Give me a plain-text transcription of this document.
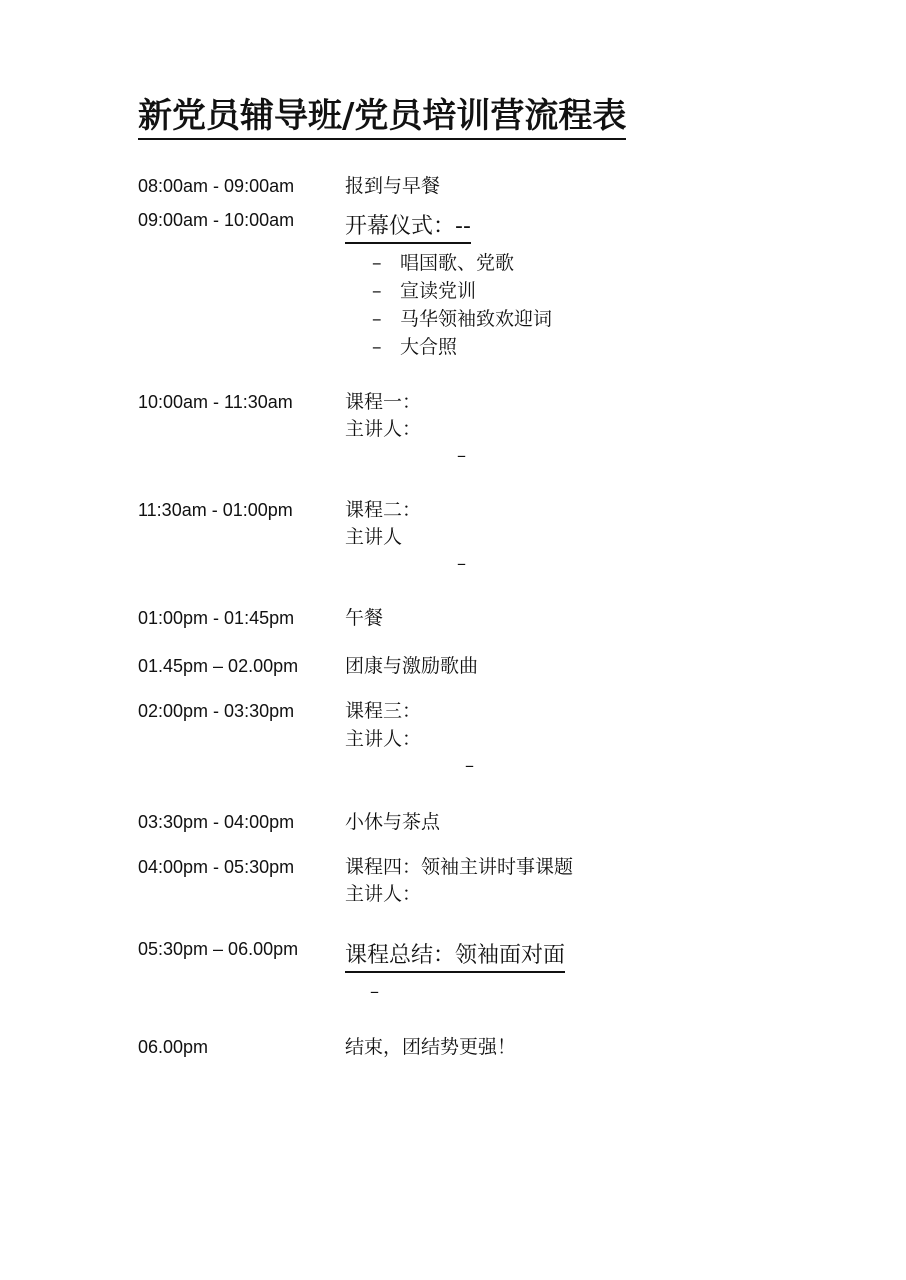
新党员辅导班/党员培训营流程表
08:00am - 09:00am	报到与早餐
09:00am - 10:00am 开幕仪式：--
– 唱国歌、党歌
– 宣读党训
– 马华领袖致欢迎词
– 大合照
10:00am - 11:30am	课程一：
主讲人：
–
11:30am - 01:00pm	课程二：
主讲人
–
01:00pm - 01:45pm	午餐
01.45pm – 02.00pm 团康与激励歌曲
02:00pm - 03:30pm	课程三：
主讲人：
–
03:30pm - 04:00pm	小休与茶点
04:00pm - 05:30pm	课程四：领袖主讲时事课题
主讲人：
05:30pm – 06.00pm 课程总结：领袖面对面
–
06.00pm	结束，团结势更强！
